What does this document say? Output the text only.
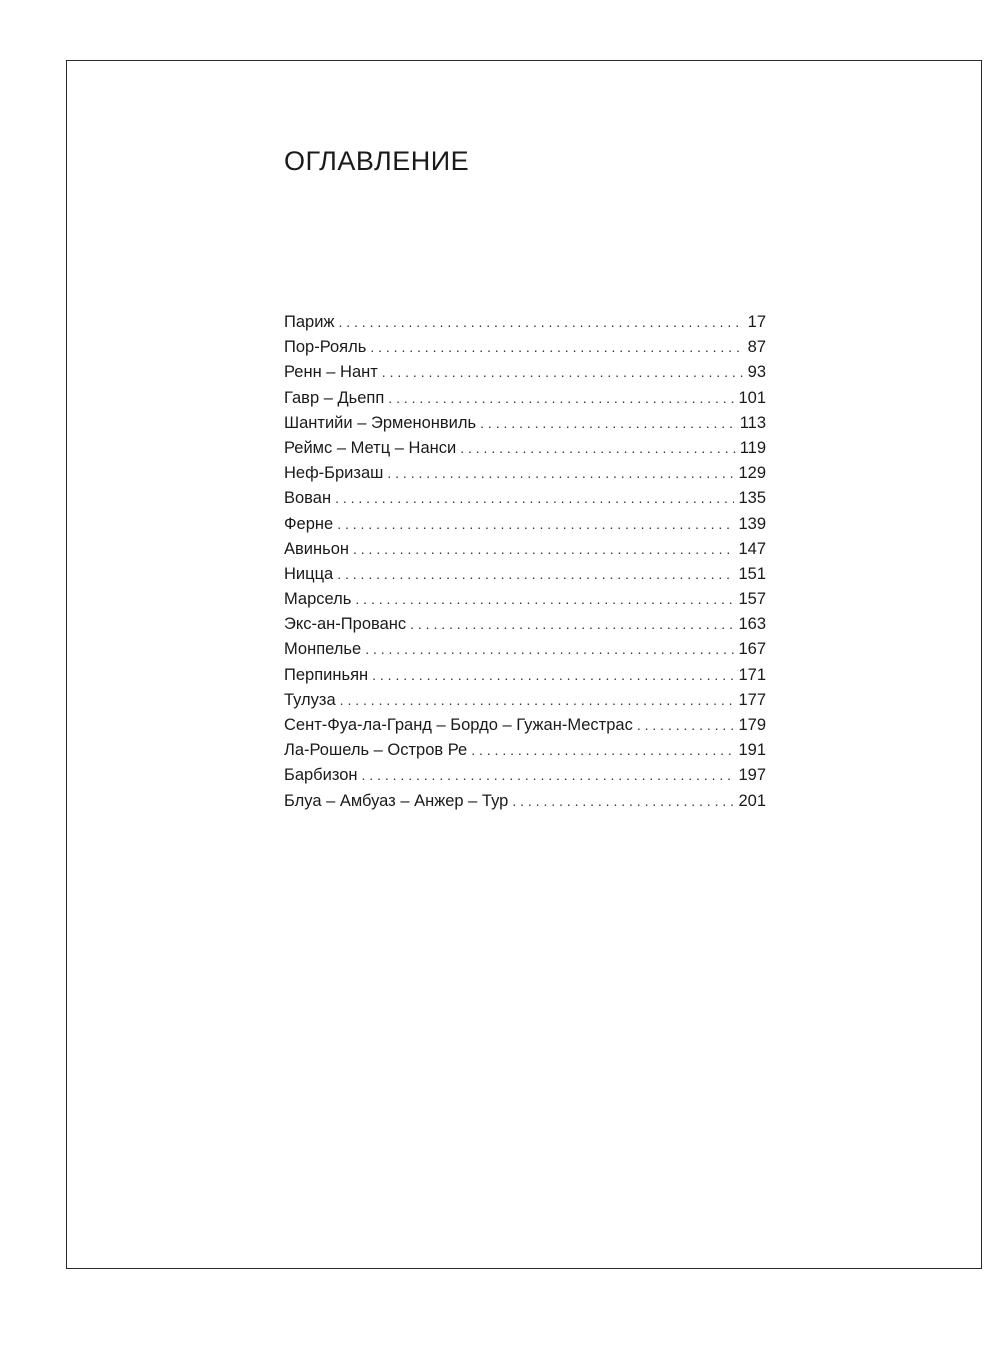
ОГЛАВЛЕНИЕ
Париж . . .	17
Пор-Рояль . . .	87
Ренн – Нант . . .	93
Гавр – Дьепп . . .	101
Шантийи – Эрменонвиль . . .	113
Реймс – Метц – Нанси . . .	119
Неф-Бризаш . . .	129
Вован . . .	135
Ферне . . .	139
Авиньон . . .	147
Ницца . . .	151
Марсель . . .	157
Экс-ан-Прованс . . .	163
Монпелье . . .	167
Перпиньян . . .	171
Тулуза . . .	177
Сент-Фуа-ла-Гранд – Бордо – Гужан-Местрас . . .	179
Ла-Рошель – Остров Ре . . .	191
Барбизон . . .	197
Блуа – Амбуаз – Анжер – Тур . . .	201
